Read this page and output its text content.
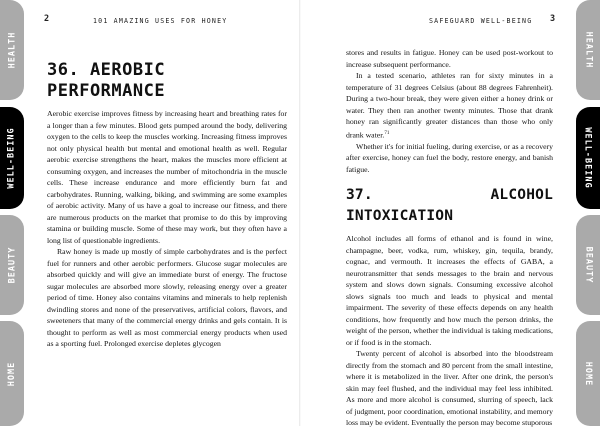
HEALTH
WELL-BEING
BEAUTY
HOME
HEALTH
WELL-BEING
BEAUTY
HOME
2	101 AMAZING USES FOR HONEY
36. AEROBIC
PERFORMANCE

Aerobic exercise improves fitness by increasing heart and breathing rates for a longer than a few minutes. Blood gets pumped around the body, delivering oxygen to the cells to keep the muscles working. Increasing fitness improves not only physical health but mental and emotional health as well. Regular aerobic exercise strengthens the heart, makes the muscles more efficient at consuming oxygen, and increases the number of mitochondria in the muscle cells. These increase endurance and more efficiently burn fat and carbohydrates. Running, walking, biking, and swimming are some examples of aerobic activity. Many of us have a goal to increase our fitness, and there are numerous products on the market that promise to do this by improving stamina or building muscle. Some of these may work, but they often have a long list of questionable ingredients.

Raw honey is made up mostly of simple carbohydrates and is the perfect fuel for runners and other aerobic performers. Glucose sugar molecules are absorbed quickly and will give an immediate burst of energy. The fructose sugar molecules are absorbed more slowly, releasing energy over a greater period of time. Honey also contains vitamins and minerals to help replenish dwindling stores and none of the preservatives, artificial colors, flavors, and sweeteners that many of the commercial energy drinks and gels contain. It is thought to perform as well as most commercial energy products when used as a sporting fuel. Prolonged exercise depletes glycogen

SAFEGUARD WELL-BEING 3

stores and results in fatigue. Honey can be used post-workout to increase subsequent performance.

In a tested scenario, athletes ran for sixty minutes in a temperature of 31 degrees Celsius (about 88 degrees Fahrenheit). During a two-hour break, they were given either a honey drink or water. They then ran another twenty minutes. Those that drank honey ran significantly greater distances than those who only drank water.$^{71}$

Whether it's for initial fueling, during exercise, or as a recovery after exercise, honey can fuel the body, restore energy, and banish fatigue.

37. ALCOHOL INTOXICATION

Alcohol includes all forms of ethanol and is found in wine, champagne, beer, vodka, rum, whiskey, gin, tequila, brandy, cognac, and vermouth. It increases the effects of GABA, a neurotransmitter that sends messages to the brain and nervous system and slows down signals. Consuming excessive alcohol slows signals too much and leads to physical and mental impairment. The severity of these effects depends on any health conditions, how frequently and how much the person drinks, the weight of the person, whether the individual is taking medications, or if food is in the stomach.

Twenty percent of alcohol is absorbed into the bloodstream directly from the stomach and 80 percent from the small intestine, where it is metabolized in the liver. After one drink, the person's skin may feel flushed, and the individual may feel less inhibited. As more and more alcohol is consumed, slurring of speech, lack of judgment, poor coordination, emotional instability, and memory loss may be evident. Eventually the person may become stuporous
